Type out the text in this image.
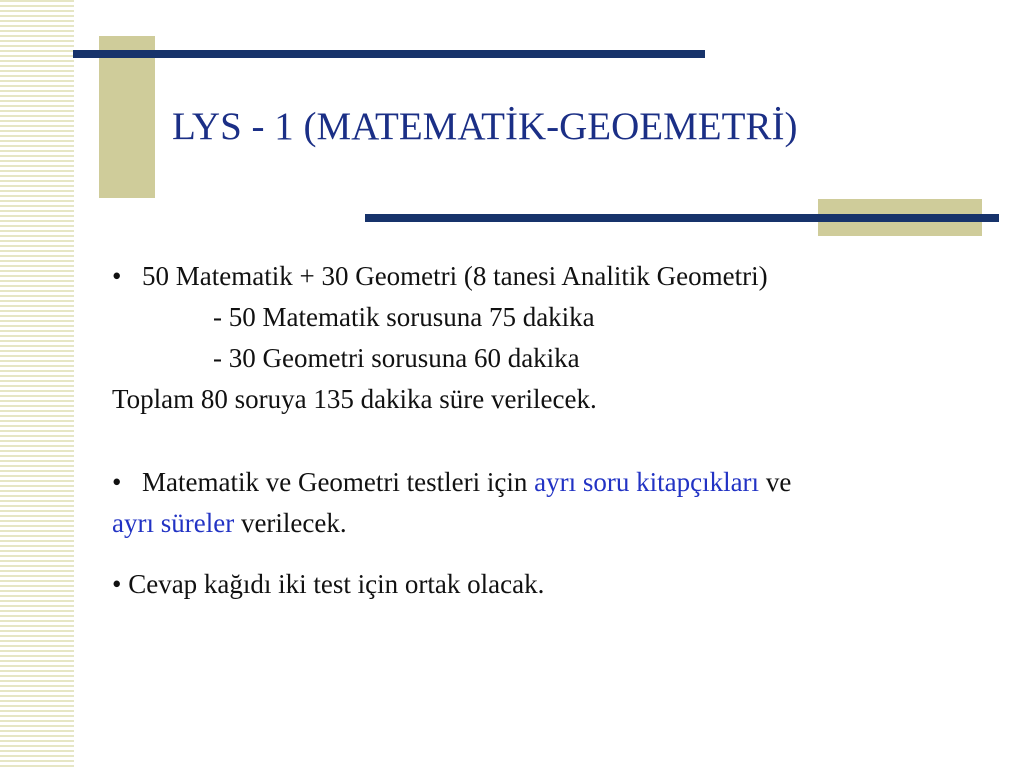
LYS - 1 (MATEMATİK-GEOEMETRİ)
• 50 Matematik + 30 Geometri (8 tanesi Analitik Geometri)
- 50 Matematik sorusuna 75 dakika
- 30 Geometri sorusuna 60 dakika
Toplam 80 soruya 135 dakika süre verilecek.
• Matematik ve Geometri testleri için ayrı soru kitapçıkları ve
ayrı süreler verilecek.
• Cevap kağıdı iki test için ortak olacak.
